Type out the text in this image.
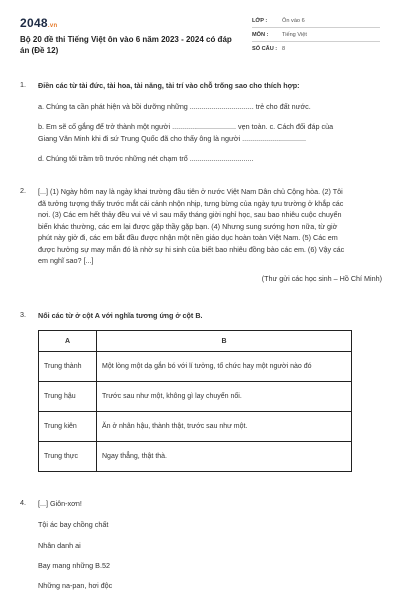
2048.vn
Bộ 20 đề thi Tiếng Việt ôn vào 6 năm 2023 - 2024 có đáp án (Đề 12)
LỚP :	Ôn vào 6
MÔN :	Tiếng Việt
SỐ CÂU : 8
1. Điền các từ tài đức, tài hoa, tài năng, tài trí vào chỗ trống sao cho thích hợp:
a. Chúng ta cần phát hiện và bồi dưỡng những ................................ trẻ cho đất nước.
b. Em sẽ cố gắng để trở thành một người ................................ vẹn toàn. c. Cách đối đáp của
Giang Văn Minh khi đi sứ Trung Quốc đã cho thấy ông là người ................................
d. Chúng tôi trầm trồ trước những nét chạm trổ ................................
2. [...] (1) Ngày hôm nay là ngày khai trường đầu tiên ở nước Việt Nam Dân chủ Cộng hòa. (2) Tôi
đã tưởng tượng thấy trước mắt cái cảnh nhộn nhịp, tưng bừng của ngày tựu trường ở khắp các
nơi. (3) Các em hết thảy đều vui vẻ vì sau mấy tháng giời nghỉ học, sau bao nhiêu cuộc chuyển
biến khác thường, các em lại được gặp thầy gặp bạn. (4) Nhưng sung sướng hơn nữa, từ giờ
phút này giở đi, các em bắt đầu được nhận một nền giáo dục hoàn toàn Việt Nam. (5) Các em
được hưởng sự may mắn đó là nhờ sự hi sinh của biết bao nhiêu đồng bào các em. (6) Vậy các
em nghĩ sao? [...]
(Thư gửi các học sinh – Hồ Chí Minh)
3. Nối các từ ở cột A với nghĩa tương ứng ở cột B.
A	B
Trung thành	Một lòng một dạ gắn bó với lí tưởng, tổ chức hay một người nào đó
Trung hậu	Trước sau như một, không gì lay chuyển nổi.
Trung kiên	Ăn ở nhân hậu, thành thật, trước sau như một.
Trung thực	Ngay thẳng, thật thà.
4. [...] Giôn-xơn!
Tội ác bay chồng chất
Nhân danh ai
Bay mang những B.52
Những na-pan, hơi độc
